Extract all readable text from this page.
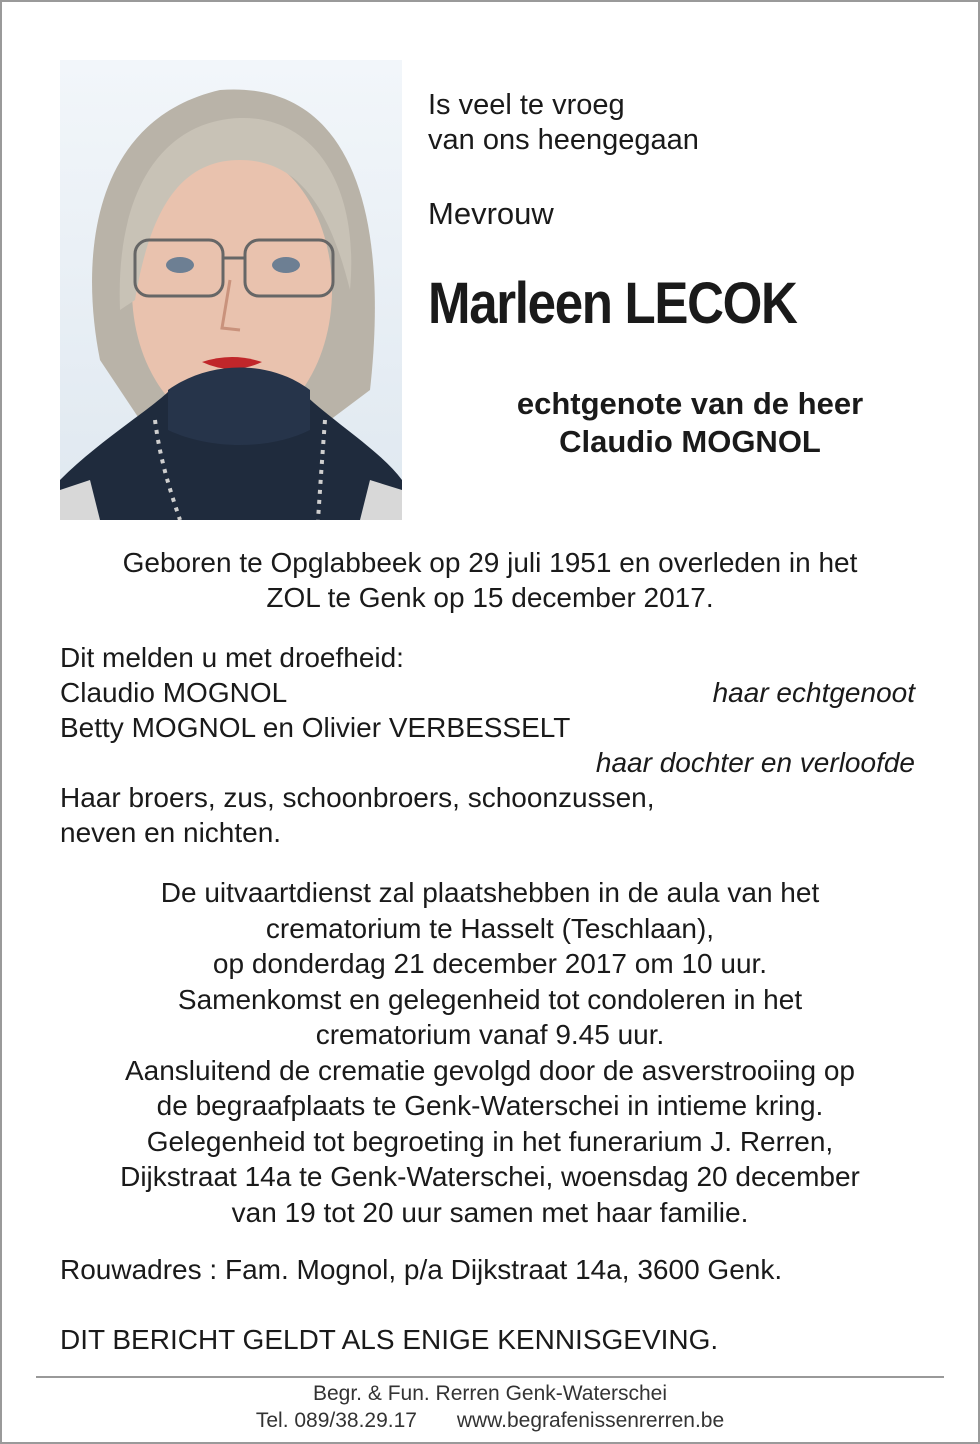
Is veel te vroeg

van ons heengegaan

Mevrouw

Marleen LECOK
echtgenote van de heer
Claudio MOGNOL
Geboren te Opglabbeek op 29 juli 1951 en overleden in het
ZOL te Genk op 15 december 2017.
Dit melden u met droefheid:
Claudio MOGNOL	haar echtgenoot
Betty MOGNOL en Olivier VERBESSELT
haar dochter en verloofde
Haar broers, zus, schoonbroers, schoonzussen,
neven en nichten.
De uitvaartdienst zal plaatshebben in de aula van het
crematorium te Hasselt (Teschlaan),
op donderdag 21 december 2017 om 10 uur.
Samenkomst en gelegenheid tot condoleren in het
crematorium vanaf 9.45 uur.
Aansluitend de crematie gevolgd door de asverstrooiing op
de begraafplaats te Genk-Waterschei in intieme kring.
Gelegenheid tot begroeting in het funerarium J. Rerren,
Dijkstraat 14a te Genk-Waterschei, woensdag 20 december
van 19 tot 20 uur samen met haar familie.
Rouwadres : Fam. Mognol, p/a Dijkstraat 14a, 3600 Genk.
DIT BERICHT GELDT ALS ENIGE KENNISGEVING.
Begr. & Fun. Rerren Genk-Waterschei
Tel. 089/38.29.17 www.begrafenissenrerren.be
